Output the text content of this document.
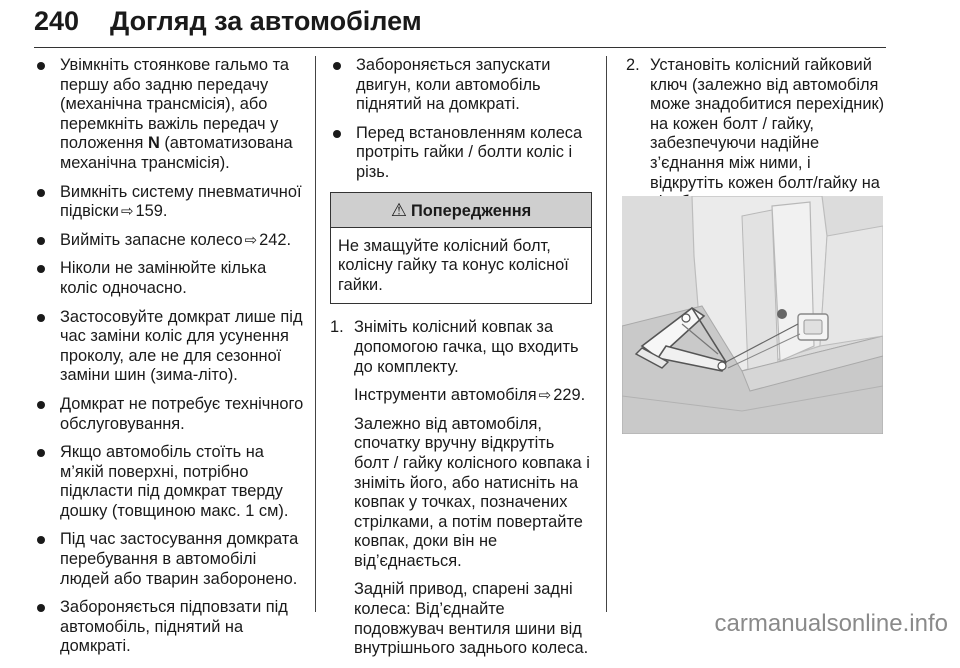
240 Догляд за автомобілем
Увімкніть стоянкове гальмо та першу або задню передачу (механічна трансмісія), або перемкніть важіль передач у положення N (автоматизована механічна трансмісія).
Вимкніть систему пневматичної підвіски ⇨ 159.
Вийміть запасне колесо ⇨ 242.
Ніколи не замінюйте кілька коліс одночасно.
Застосовуйте домкрат лише під час заміни коліс для усунення проколу, але не для сезонної заміни шин (зима-літо).
Домкрат не потребує технічного обслуговування.
Якщо автомобіль стоїть на м’якій поверхні, потрібно підкласти під домкрат тверду дошку (товщиною макс. 1 см).
Під час застосування домкрата перебування в автомобілі людей або тварин заборонено.
Забороняється підповзати під автомобіль, піднятий на домкраті.
Забороняється запускати двигун, коли автомобіль піднятий на домкраті.
Перед встановленням колеса протріть гайки / болти коліс і різь.
⚠ Попередження
Не змащуйте колісний болт, колісну гайку та конус колісної гайки.
1. Зніміть колісний ковпак за допомогою гачка, що входить до комплекту.

Інструменти автомобіля ⇨ 229.

Залежно від автомобіля, спочатку вручну відкрутіть болт / гайку колісного ковпака і зніміть його, або натисніть на ковпак у точках, позначених стрілками, а потім повертайте ковпак, доки він не від’єднається.

Задній привод, спарені задні колеса: Від’єднайте подовжувач вентиля шини від внутрішнього заднього колеса.

2. Установіть колісний гайковий ключ (залежно від автомобіля може знадобитися перехідник) на кожен болт / гайку, забезпечуючи надійне з’єднання між ними, і відкрутіть кожен болт/гайку на

carmanualsonline.info
